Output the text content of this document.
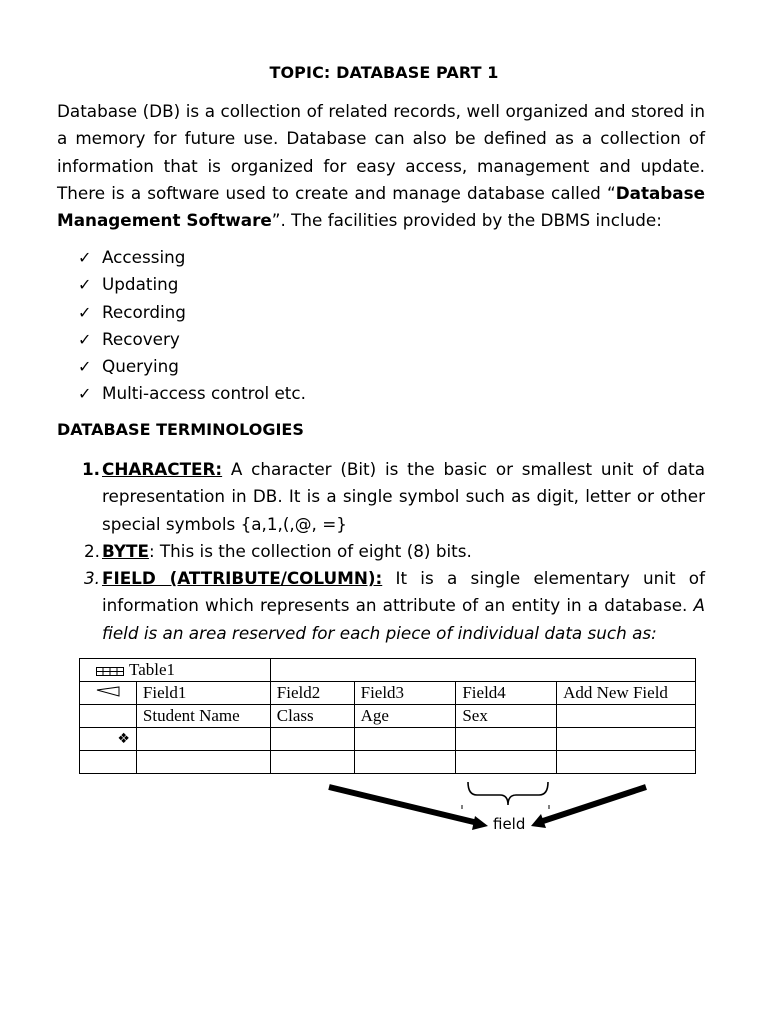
TOPIC: DATABASE PART 1

Database (DB) is a collection of related records, well organized and stored in a memory for future use. Database can also be defined as a collection of information that is organized for easy access, management and update. There is a software used to create and manage database called “Database Management Software”. The facilities provided by the DBMS include:

✓ Accessing
✓ Updating
✓ Recording
✓ Recovery
✓ Querying
✓ Multi-access control etc.
DATABASE TERMINOLOGIES
1. CHARACTER: A character (Bit) is the basic or smallest unit of data representation in DB. It is a single symbol such as digit, letter or other special symbols {a,1,(,@, =}
2. BYTE: This is the collection of eight (8) bits.
3. FIELD (ATTRIBUTE/COLUMN): It is a single elementary unit of information which represents an attribute of an entity in a database. A field is an area reserved for each piece of individual data such as:
Table1					
	Field1	Field2	Field3	Field4	Add New Field
	Student Name	Class	Age	Sex	
❖					

field
